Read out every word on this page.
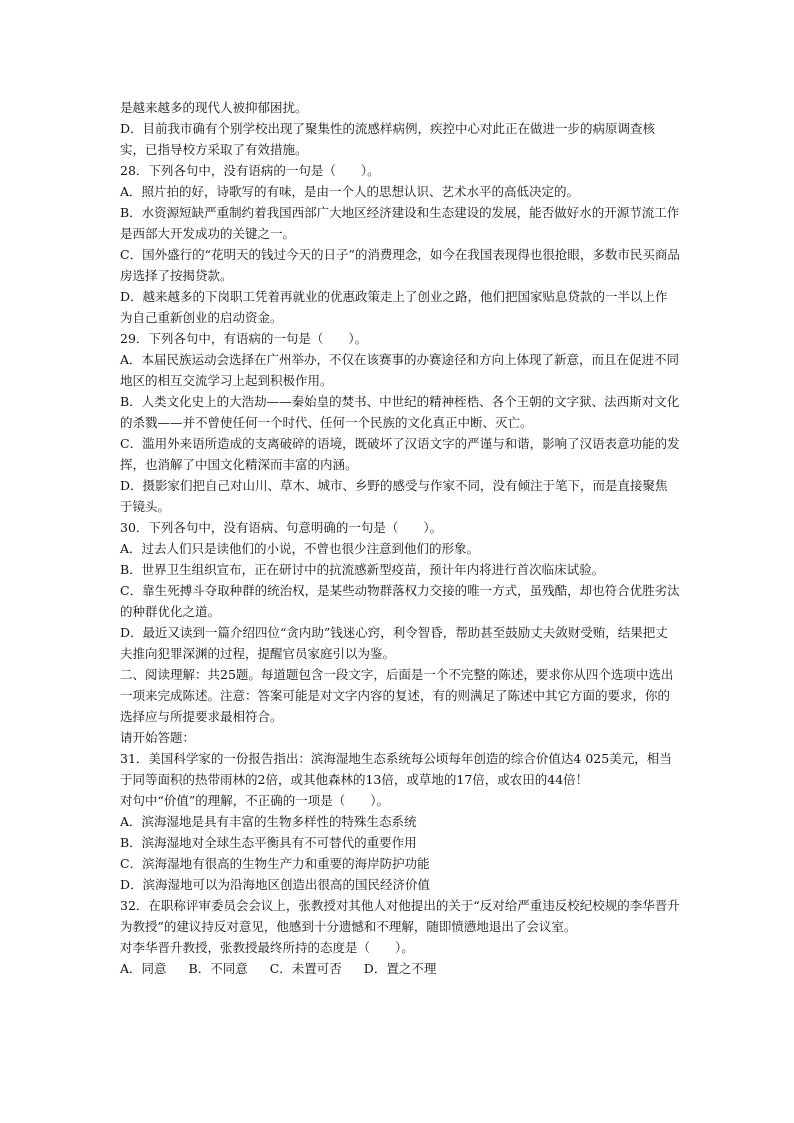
是越来越多的现代人被抑郁困扰。

D．目前我市确有个别学校出现了聚集性的流感样病例，疾控中心对此正在做进一步的病原调查核实，已指导校方采取了有效措施。

28．下列各句中，没有语病的一句是（　　）。

A．照片拍的好，诗歌写的有味，是由一个人的思想认识、艺术水平的高低决定的。

B．水资源短缺严重制约着我国西部广大地区经济建设和生态建设的发展，能否做好水的开源节流工作是西部大开发成功的关键之一。

C．国外盛行的“花明天的钱过今天的日子”的消费理念，如今在我国表现得也很抢眼，多数市民买商品房选择了按揭贷款。

D．越来越多的下岗职工凭着再就业的优惠政策走上了创业之路，他们把国家贴息贷款的一半以上作为自己重新创业的启动资金。

29．下列各句中，有语病的一句是（　　）。

A．本届民族运动会选择在广州举办，不仅在该赛事的办赛途径和方向上体现了新意，而且在促进不同地区的相互交流学习上起到积极作用。

B．人类文化史上的大浩劫——秦始皇的焚书、中世纪的精神桎梏、各个王朝的文字狱、法西斯对文化的杀戮——并不曾使任何一个时代、任何一个民族的文化真正中断、灭亡。

C．滥用外来语所造成的支离破碎的语境，既破坏了汉语文字的严谨与和谐，影响了汉语表意功能的发挥，也消解了中国文化精深而丰富的内涵。

D．摄影家们把自己对山川、草木、城市、乡野的感受与作家不同，没有倾注于笔下，而是直接聚焦于镜头。

30．下列各句中，没有语病、句意明确的一句是（　　）。

A．过去人们只是读他们的小说，不曾也很少注意到他们的形象。

B．世界卫生组织宣布，正在研讨中的抗流感新型疫苗，预计年内将进行首次临床试验。

C．靠生死搏斗夺取种群的统治权，是某些动物群落权力交接的唯一方式，虽残酷，却也符合优胜劣汰的种群优化之道。

D．最近又读到一篇介绍四位“贪内助”钱迷心窍，利令智昏，帮助甚至鼓励丈夫敛财受贿，结果把丈夫推向犯罪深渊的过程，提醒官员家庭引以为鉴。

二、阅读理解：共25题。每道题包含一段文字，后面是一个不完整的陈述，要求你从四个选项中选出一项来完成陈述。注意：答案可能是对文字内容的复述，有的则满足了陈述中其它方面的要求，你的选择应与所提要求最相符合。

请开始答题：

31．美国科学家的一份报告指出：滨海湿地生态系统每公顷每年创造的综合价值达4 025美元，相当于同等面积的热带雨林的2倍，或其他森林的13倍，或草地的17倍，或农田的44倍！

对句中“价值”的理解，不正确的一项是（　　）。

A．滨海湿地是具有丰富的生物多样性的特殊生态系统

B．滨海湿地对全球生态平衡具有不可替代的重要作用

C．滨海湿地有很高的生物生产力和重要的海岸防护功能

D．滨海湿地可以为沿海地区创造出很高的国民经济价值

32．在职称评审委员会会议上，张教授对其他人对他提出的关于“反对给严重违反校纪校规的李华晋升为教授”的建议持反对意见，他感到十分遗憾和不理解，随即愤懑地退出了会议室。

对李华晋升教授，张教授最终所持的态度是（　　）。

A．同意 B．不同意 C．未置可否 D．置之不理
